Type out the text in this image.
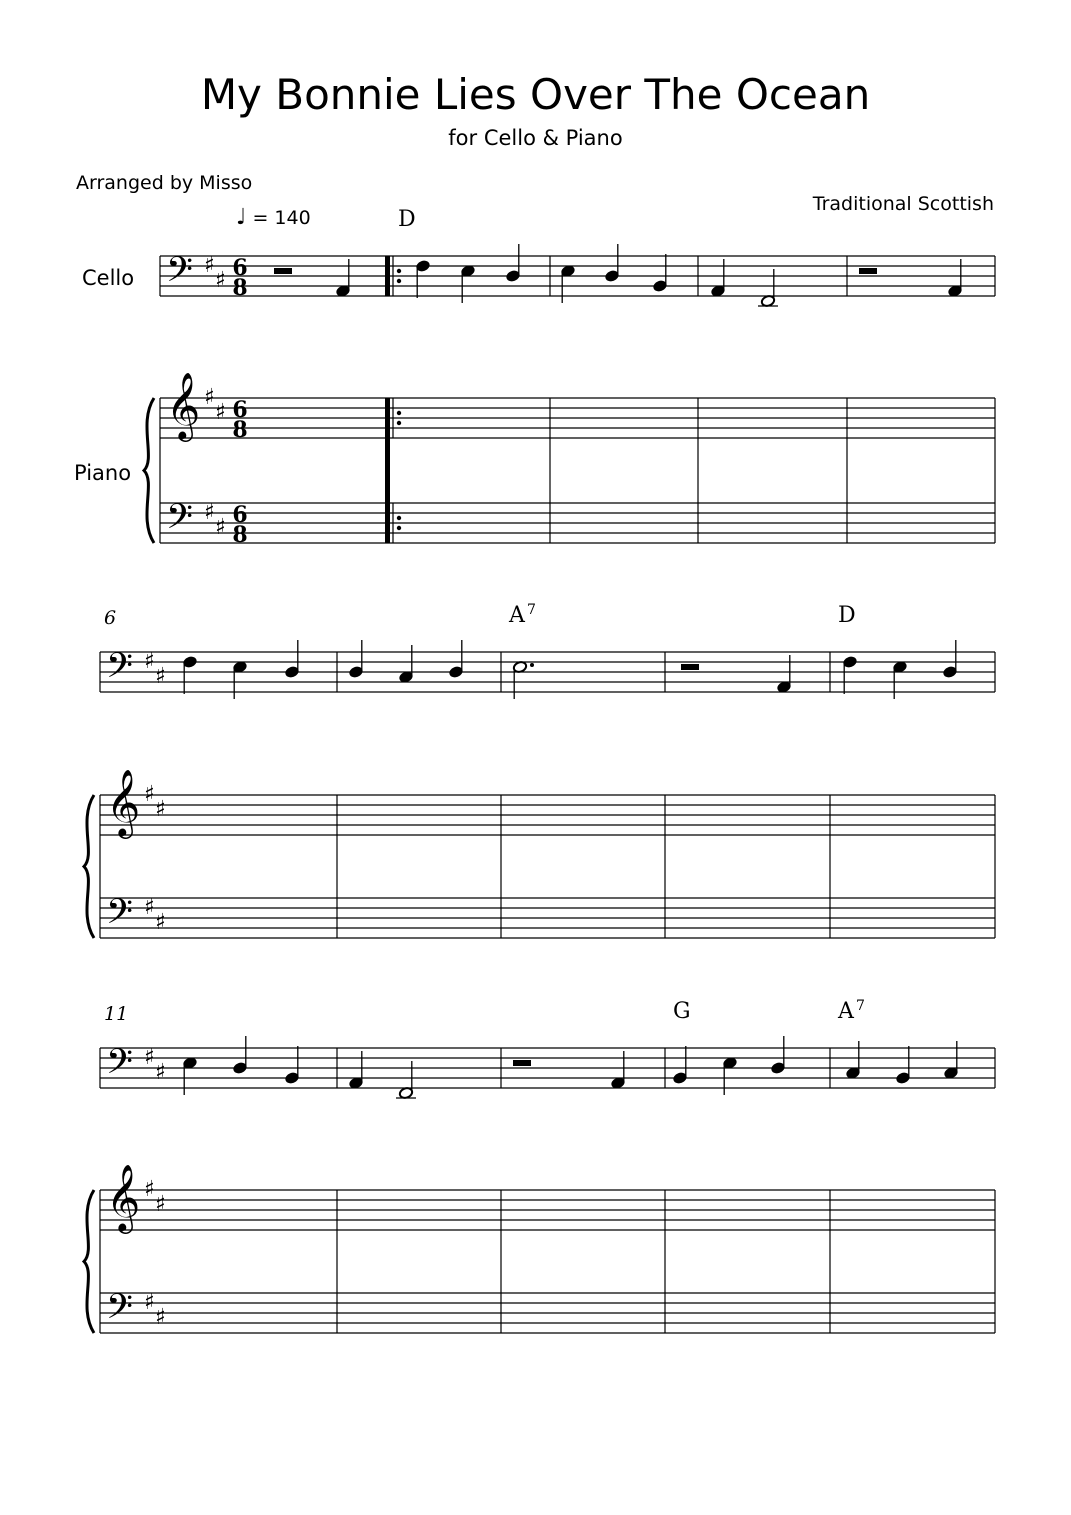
My Bonnie Lies Over The Ocean
for Cello & Piano
Arranged by Misso
Traditional Scottish
♩ = 140
Cello
Piano
𝄢
𝄞
𝄢
♯
♯
♯
♯
♯
♯
6
8
6
8
6
8
D
𝄢
𝄞
𝄢
♯
♯
♯
♯
♯
♯
6	A 7	D
𝄢
𝄞
𝄢
♯
♯
♯
♯
♯
♯
11	G	A 7
